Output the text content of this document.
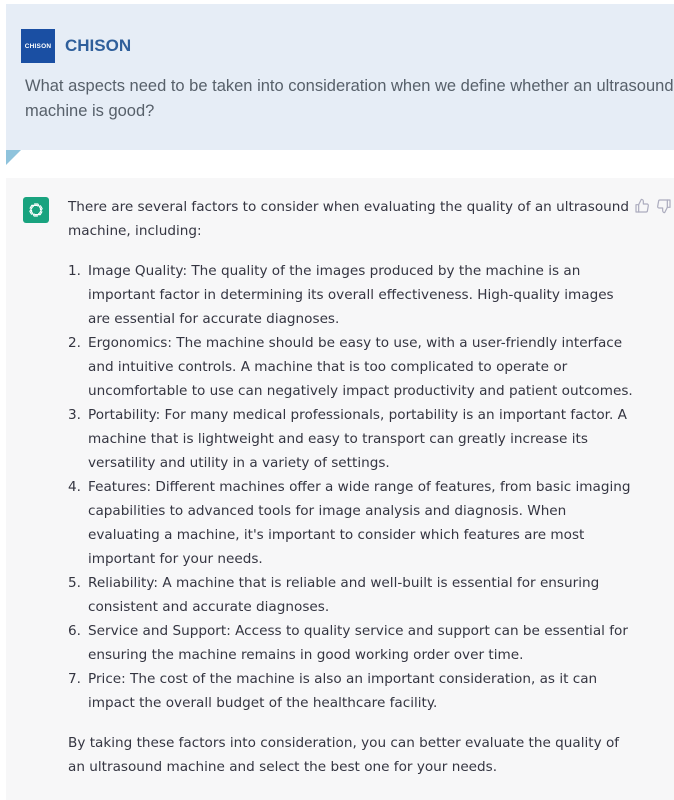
CHISON CHISON
What aspects need to be taken into consideration when we define whether an ultrasound machine is good?

There are several factors to consider when evaluating the quality of an ultrasound machine, including:

1. Image Quality: The quality of the images produced by the machine is an important factor in determining its overall effectiveness. High-quality images are essential for accurate diagnoses.
2. Ergonomics: The machine should be easy to use, with a user-friendly interface and intuitive controls. A machine that is too complicated to operate or uncomfortable to use can negatively impact productivity and patient outcomes.
3. Portability: For many medical professionals, portability is an important factor. A machine that is lightweight and easy to transport can greatly increase its versatility and utility in a variety of settings.
4. Features: Different machines offer a wide range of features, from basic imaging capabilities to advanced tools for image analysis and diagnosis. When evaluating a machine, it's important to consider which features are most important for your needs.
5. Reliability: A machine that is reliable and well-built is essential for ensuring consistent and accurate diagnoses.
6. Service and Support: Access to quality service and support can be essential for ensuring the machine remains in good working order over time.
7. Price: The cost of the machine is also an important consideration, as it can impact the overall budget of the healthcare facility.

By taking these factors into consideration, you can better evaluate the quality of an ultrasound machine and select the best one for your needs.
